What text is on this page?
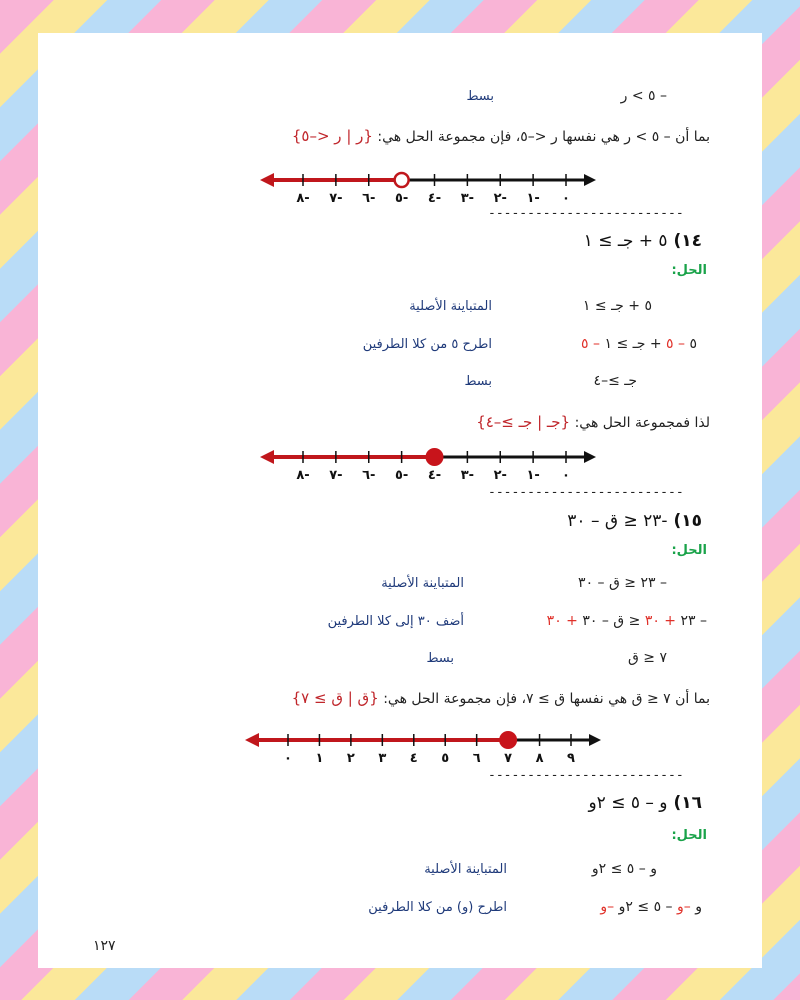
– ٥ > ر
بسط
بما أن – ٥ > ر هي نفسها ر <–٥، فإن مجموعة الحل هي: {ر | ر <–٥}
٨- ٧- ٦- ٥- ٤- ٣- ٢- ١- ٠
-------------------------
١٤) ٥ + جـ ≥ ١
الحل:
٥ + جـ ≥ ١
المتباينة الأصلية
٥ – ٥ + جـ ≥ ١ – ٥
اطرح ٥ من كلا الطرفين
جـ ≥–٤
بسط
لذا فمجموعة الحل هي: {جـ | جـ ≥–٤}
٨- ٧- ٦- ٥- ٤- ٣- ٢- ١- ٠
-------------------------
١٥) -٢٣ ≤ ق – ٣٠
الحل:
– ٢٣ ≤ ق – ٣٠
المتباينة الأصلية
– ٢٣ + ٣٠ ≤ ق – ٣٠ + ٣٠
أضف ٣٠ إلى كلا الطرفين
٧ ≤ ق
بسط
بما أن ٧ ≤ ق هي نفسها ق ≥ ٧، فإن مجموعة الحل هي: {ق | ق ≥ ٧}
٠ ١ ٢ ٣ ٤ ٥ ٦ ٧ ٨ ٩
-------------------------
١٦) و – ٥ ≥ ٢و
الحل:
و – ٥ ≥ ٢و
المتباينة الأصلية
و –و – ٥ ≥ ٢و –و
اطرح (و) من كلا الطرفين
١٢٧
